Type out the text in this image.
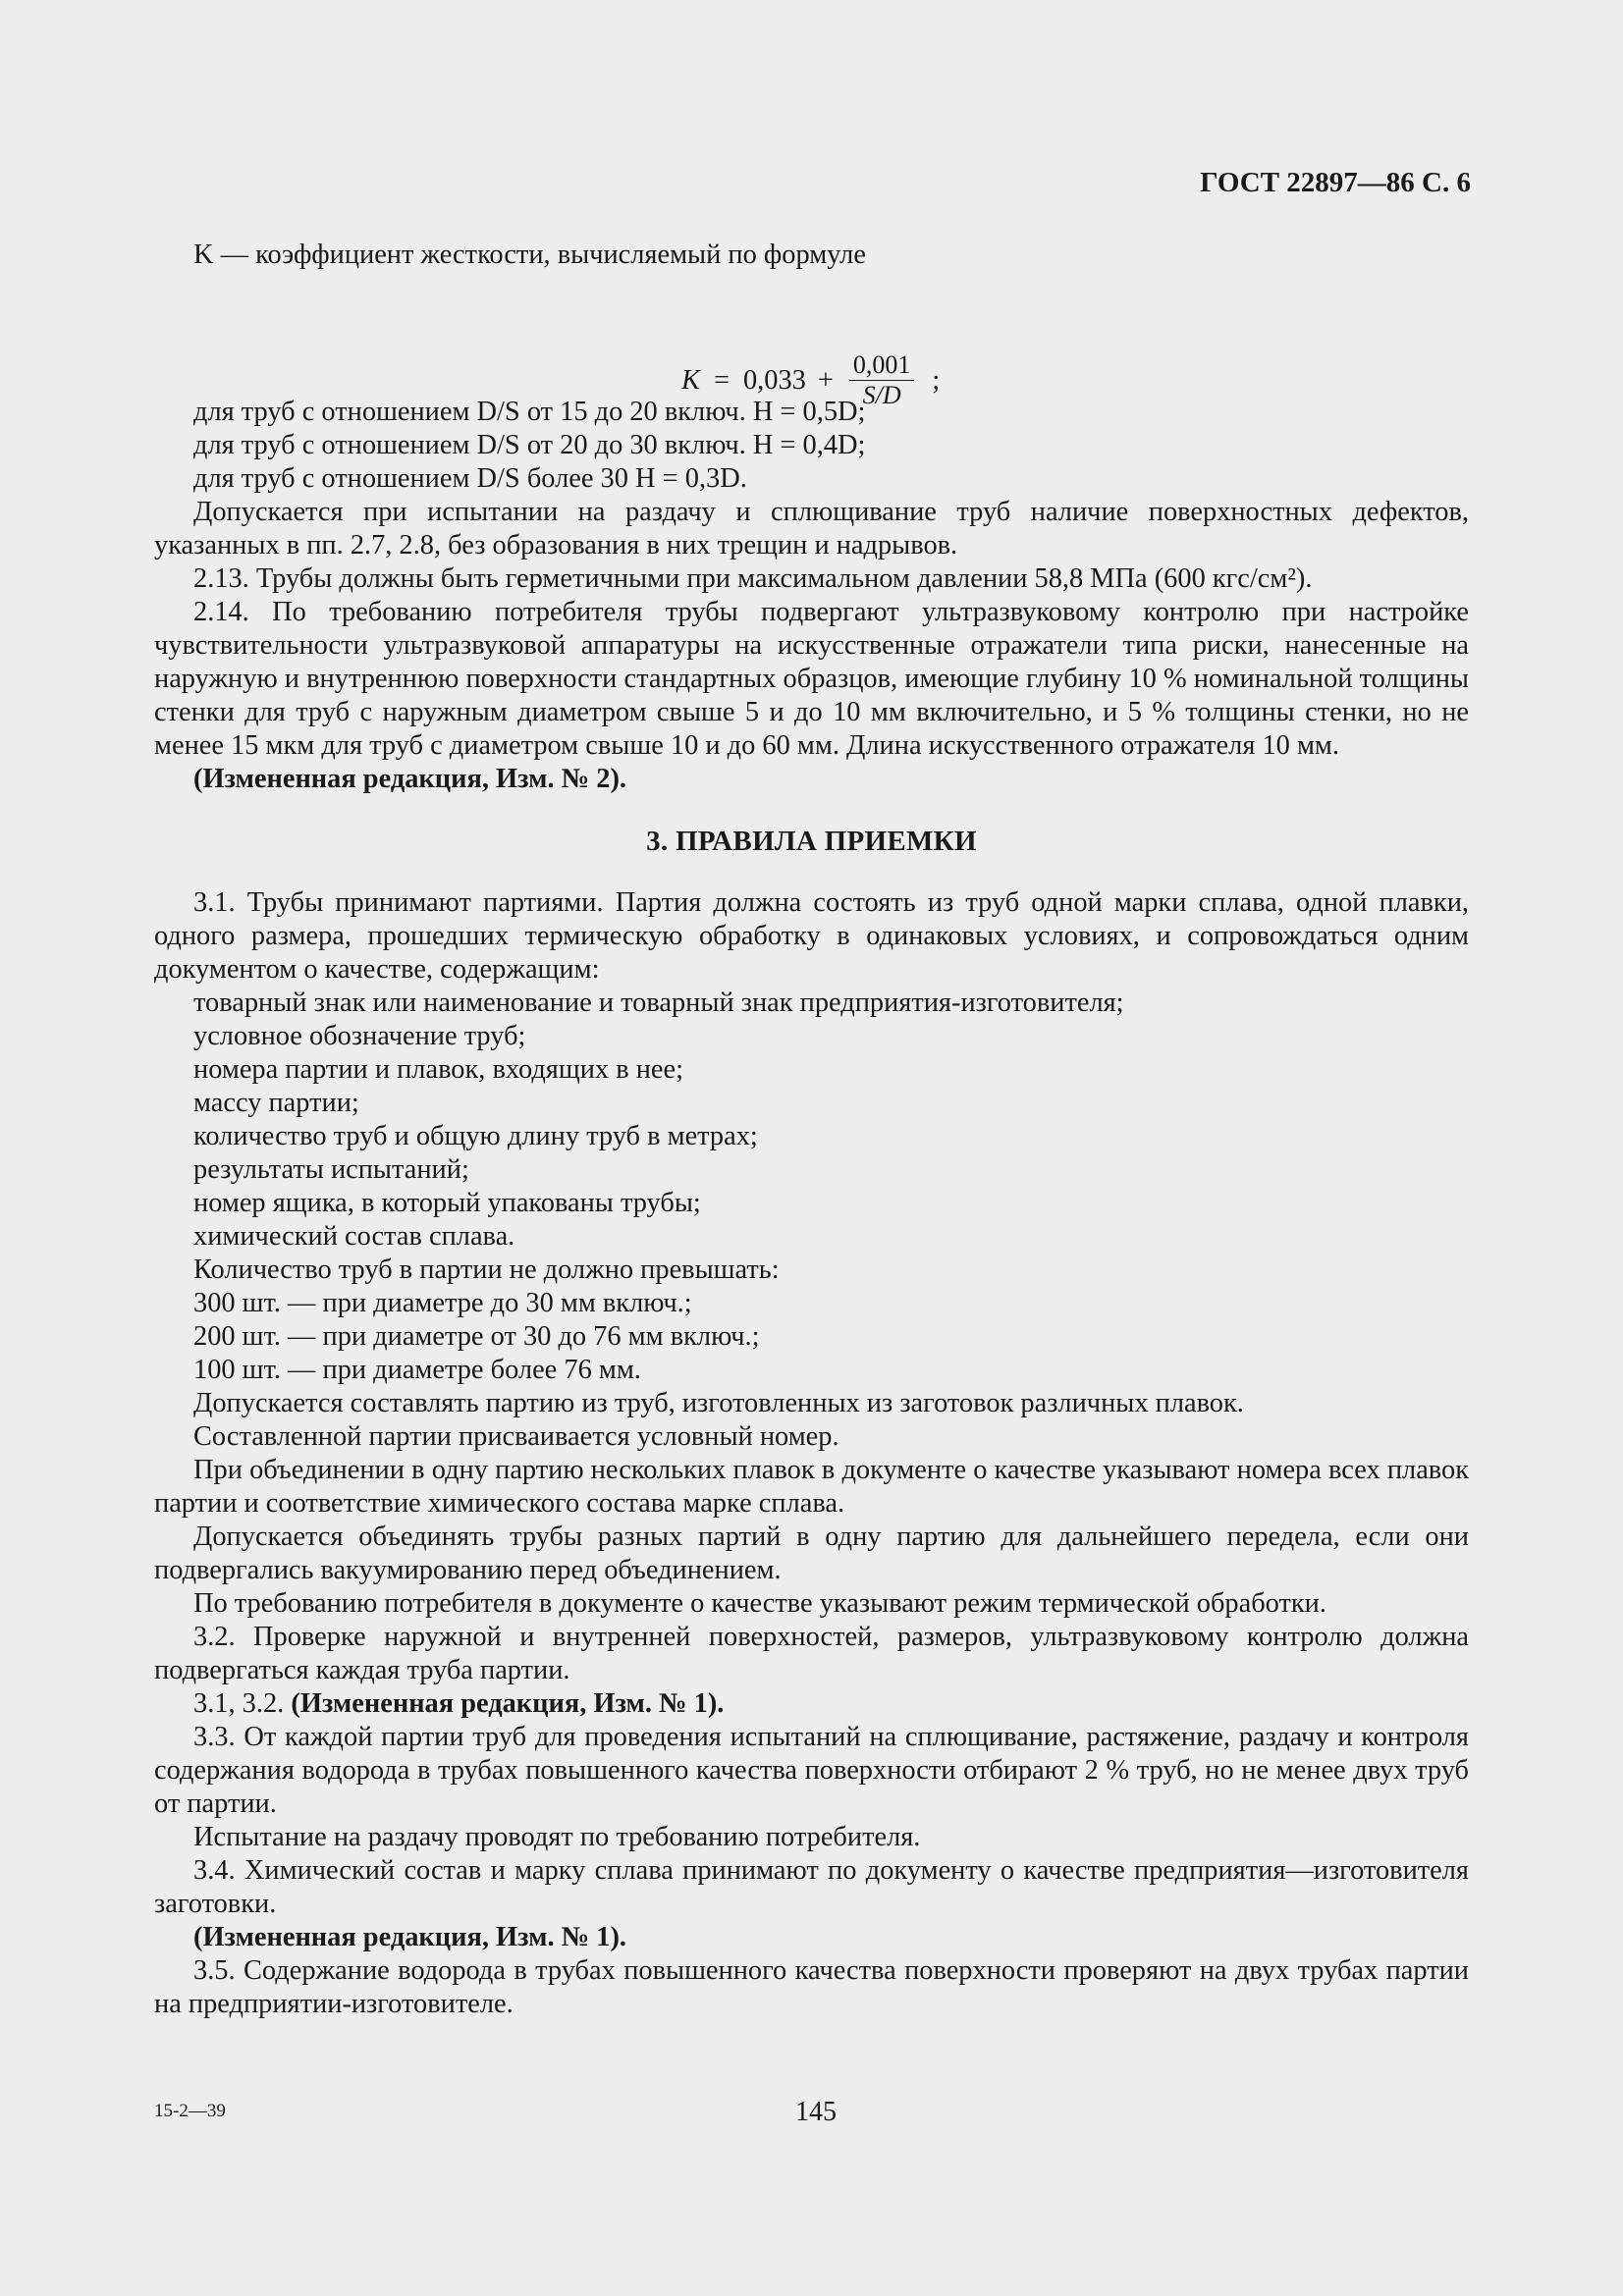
ГОСТ 22897—86 С. 6

K — коэффициент жесткости, вычисляемый по формуле

$K = 0,033 + \frac{0,001}{S/D}$ ;

для труб с отношением D/S от 15 до 20 включ. H = 0,5D;

для труб с отношением D/S от 20 до 30 включ. H = 0,4D;

для труб с отношением D/S более 30 H = 0,3D.

Допускается при испытании на раздачу и сплющивание труб наличие поверхностных дефектов, указанных в пп. 2.7, 2.8, без образования в них трещин и надрывов.

2.13. Трубы должны быть герметичными при максимальном давлении 58,8 МПа (600 кгс/см²).

2.14. По требованию потребителя трубы подвергают ультразвуковому контролю при настройке чувствительности ультразвуковой аппаратуры на искусственные отражатели типа риски, нанесенные на наружную и внутреннюю поверхности стандартных образцов, имеющие глубину 10 % номинальной толщины стенки для труб с наружным диаметром свыше 5 и до 10 мм включительно, и 5 % толщины стенки, но не менее 15 мкм для труб с диаметром свыше 10 и до 60 мм. Длина искусственного отражателя 10 мм.

(Измененная редакция, Изм. № 2).

3. ПРАВИЛА ПРИЕМКИ

3.1. Трубы принимают партиями. Партия должна состоять из труб одной марки сплава, одной плавки, одного размера, прошедших термическую обработку в одинаковых условиях, и сопровождаться одним документом о качестве, содержащим:

товарный знак или наименование и товарный знак предприятия-изготовителя;

условное обозначение труб;

номера партии и плавок, входящих в нее;

массу партии;

количество труб и общую длину труб в метрах;

результаты испытаний;

номер ящика, в который упакованы трубы;

химический состав сплава.

Количество труб в партии не должно превышать:

300 шт. — при диаметре до 30 мм включ.;

200 шт. — при диаметре от 30 до 76 мм включ.;

100 шт. — при диаметре более 76 мм.

Допускается составлять партию из труб, изготовленных из заготовок различных плавок.

Составленной партии присваивается условный номер.

При объединении в одну партию нескольких плавок в документе о качестве указывают номера всех плавок партии и соответствие химического состава марке сплава.

Допускается объединять трубы разных партий в одну партию для дальнейшего передела, если они подвергались вакуумированию перед объединением.

По требованию потребителя в документе о качестве указывают режим термической обработки.

3.2. Проверке наружной и внутренней поверхностей, размеров, ультразвуковому контролю должна подвергаться каждая труба партии.

3.1, 3.2. (Измененная редакция, Изм. № 1).

3.3. От каждой партии труб для проведения испытаний на сплющивание, растяжение, раздачу и контроля содержания водорода в трубах повышенного качества поверхности отбирают 2 % труб, но не менее двух труб от партии.

Испытание на раздачу проводят по требованию потребителя.

3.4. Химический состав и марку сплава принимают по документу о качестве предприятия—изготовителя заготовки.

(Измененная редакция, Изм. № 1).

3.5. Содержание водорода в трубах повышенного качества поверхности проверяют на двух трубах партии на предприятии-изготовителе.

15-2—39	145
